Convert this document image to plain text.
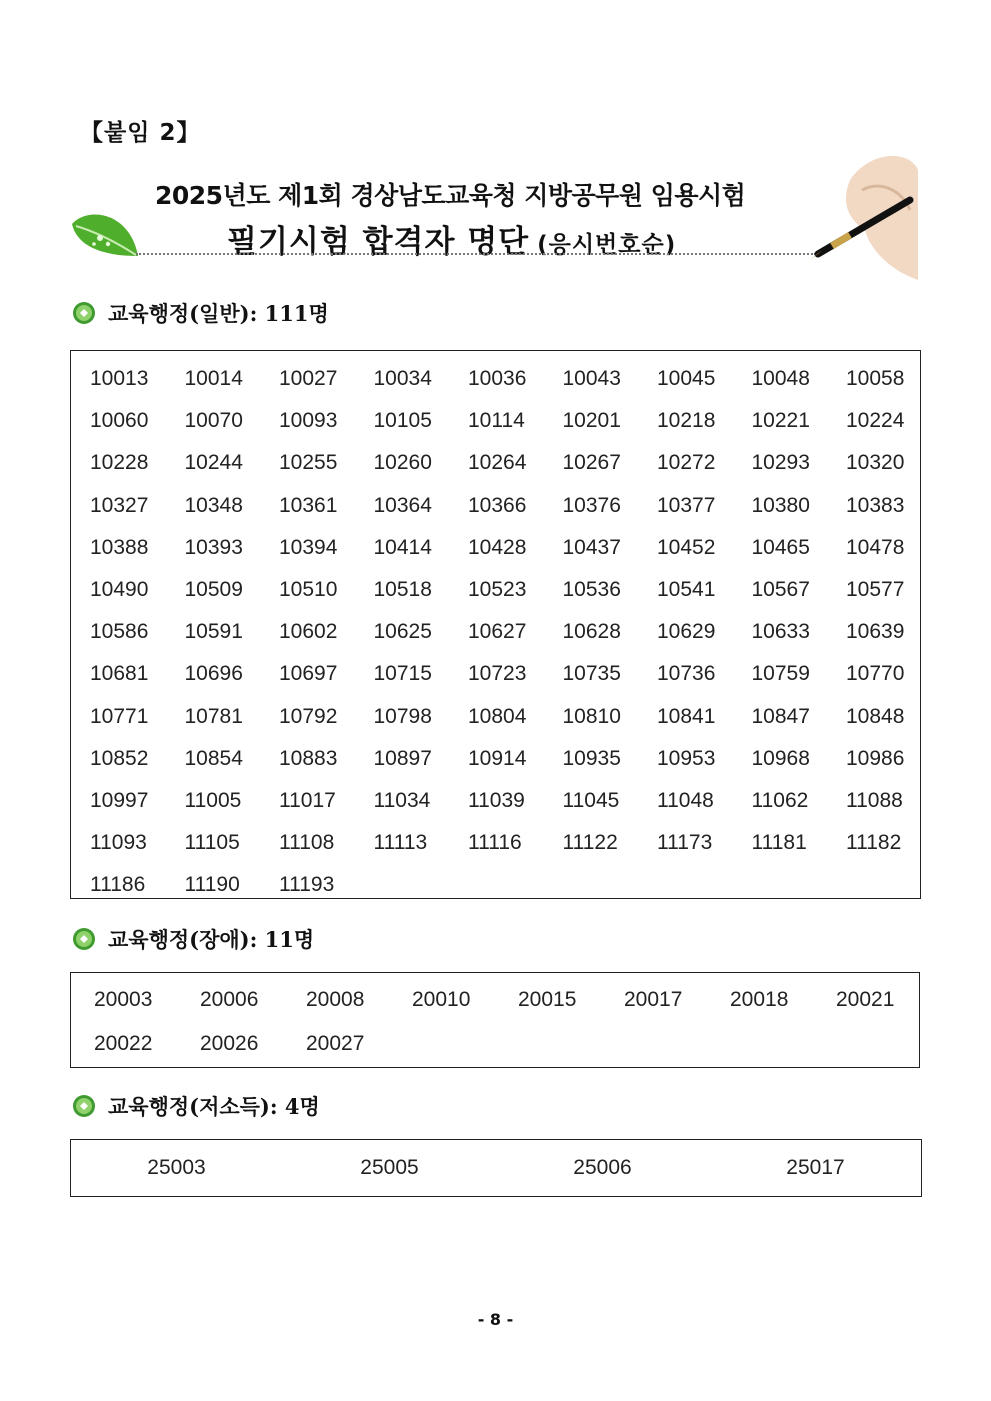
【붙임 2】
2025년도 제1회 경상남도교육청 지방공무원 임용시험
필기시험 합격자 명단 (응시번호순)
교육행정(일반): 111명
10013	10014	10027	10034	10036	10043	10045	10048	10058
10060	10070	10093	10105	10114	10201	10218	10221	10224
10228	10244	10255	10260	10264	10267	10272	10293	10320
10327	10348	10361	10364	10366	10376	10377	10380	10383
10388	10393	10394	10414	10428	10437	10452	10465	10478
10490	10509	10510	10518	10523	10536	10541	10567	10577
10586	10591	10602	10625	10627	10628	10629	10633	10639
10681	10696	10697	10715	10723	10735	10736	10759	10770
10771	10781	10792	10798	10804	10810	10841	10847	10848
10852	10854	10883	10897	10914	10935	10953	10968	10986
10997	11005	11017	11034	11039	11045	11048	11062	11088
11093	11105	11108	11113	11116	11122	11173	11181	11182
11186	11190	11193
교육행정(장애): 11명
20003	20006	20008	20010	20015	20017	20018	20021
20022	20026	20027
교육행정(저소득): 4명
25003	25005	25006	25017
- 8 -
